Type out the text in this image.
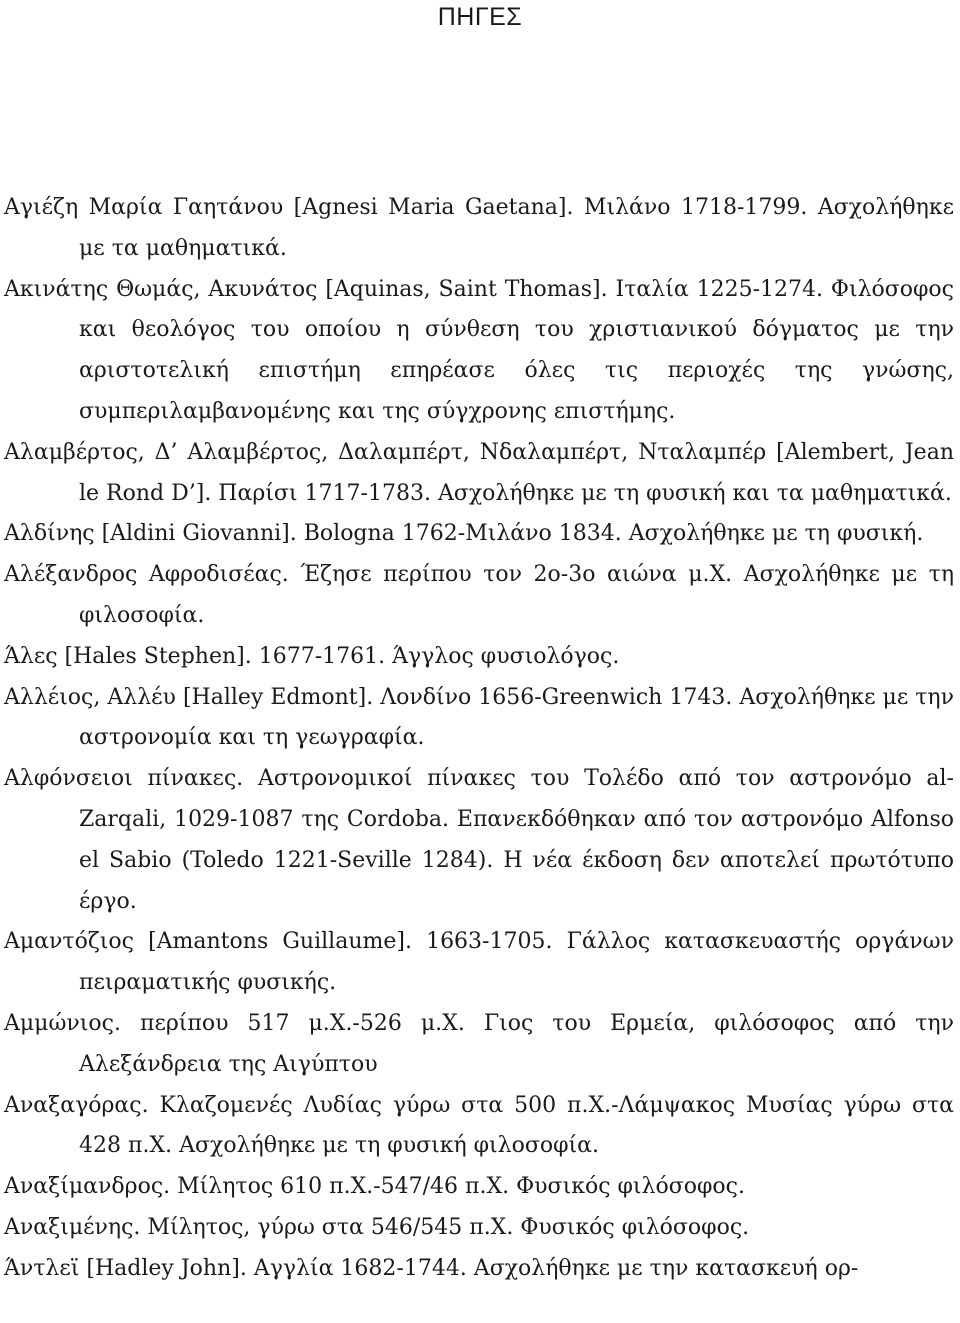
ΠΗΓΕΣ
Αγιέζη Μαρία Γαητάνου [Agnesi Maria Gaetana]. Μιλάνο 1718-1799. Ασχολήθηκε με τα μαθηματικά.
Ακινάτης Θωμάς, Ακυνάτος [Aquinas, Saint Thomas]. Ιταλία 1225-1274. Φιλόσοφος και θεολόγος του οποίου η σύνθεση του χριστιανικού δόγματος με την αριστοτελική επιστήμη επηρέασε όλες τις περιοχές της γνώσης, συμπεριλαμβανομένης και της σύγχρονης επιστήμης.
Αλαμβέρτος, Δ’ Αλαμβέρτος, Δαλαμπέρτ, Νδαλαμπέρτ, Νταλαμπέρ [Alembert, Jean le Rond D’]. Παρίσι 1717-1783. Ασχολήθηκε με τη φυσική και τα μαθηματικά.
Αλδίνης [Aldini Giovanni]. Bologna 1762-Μιλάνο 1834. Ασχολήθηκε με τη φυσική.
Αλέξανδρος Αφροδισέας. Έζησε περίπου τον 2ο-3ο αιώνα μ.Χ. Ασχολήθηκε με τη φιλοσοφία.
Άλες [Hales Stephen]. 1677-1761. Άγγλος φυσιολόγος.
Αλλέιος, Αλλέυ [Halley Edmont]. Λονδίνο 1656-Greenwich 1743. Ασχολήθηκε με την αστρονομία και τη γεωγραφία.
Αλφόνσειοι πίνακες. Αστρονομικοί πίνακες του Τολέδο από τον αστρονόμο al-Zarqali, 1029-1087 της Cordoba. Επανεκδόθηκαν από τον αστρονόμο Alfonso el Sabio (Toledo 1221-Seville 1284). Η νέα έκδοση δεν αποτελεί πρωτότυπο έργο.
Αμαντόζιος [Amantons Guillaume]. 1663-1705. Γάλλος κατασκευαστής οργάνων πειραματικής φυσικής.
Αμμώνιος. περίπου 517 μ.Χ.-526 μ.Χ. Γιος του Ερμεία, φιλόσοφος από την Αλεξάνδρεια της Αιγύπτου
Αναξαγόρας. Κλαζομενές Λυδίας γύρω στα 500 π.Χ.-Λάμψακος Μυσίας γύρω στα 428 π.Χ. Ασχολήθηκε με τη φυσική φιλοσοφία.
Αναξίμανδρος. Μίλητος 610 π.Χ.-547/46 π.Χ. Φυσικός φιλόσοφος.
Αναξιμένης. Μίλητος, γύρω στα 546/545 π.Χ. Φυσικός φιλόσοφος.
Άντλεϊ [Hadley John]. Αγγλία 1682-1744. Ασχολήθηκε με την κατασκευή ορ-
